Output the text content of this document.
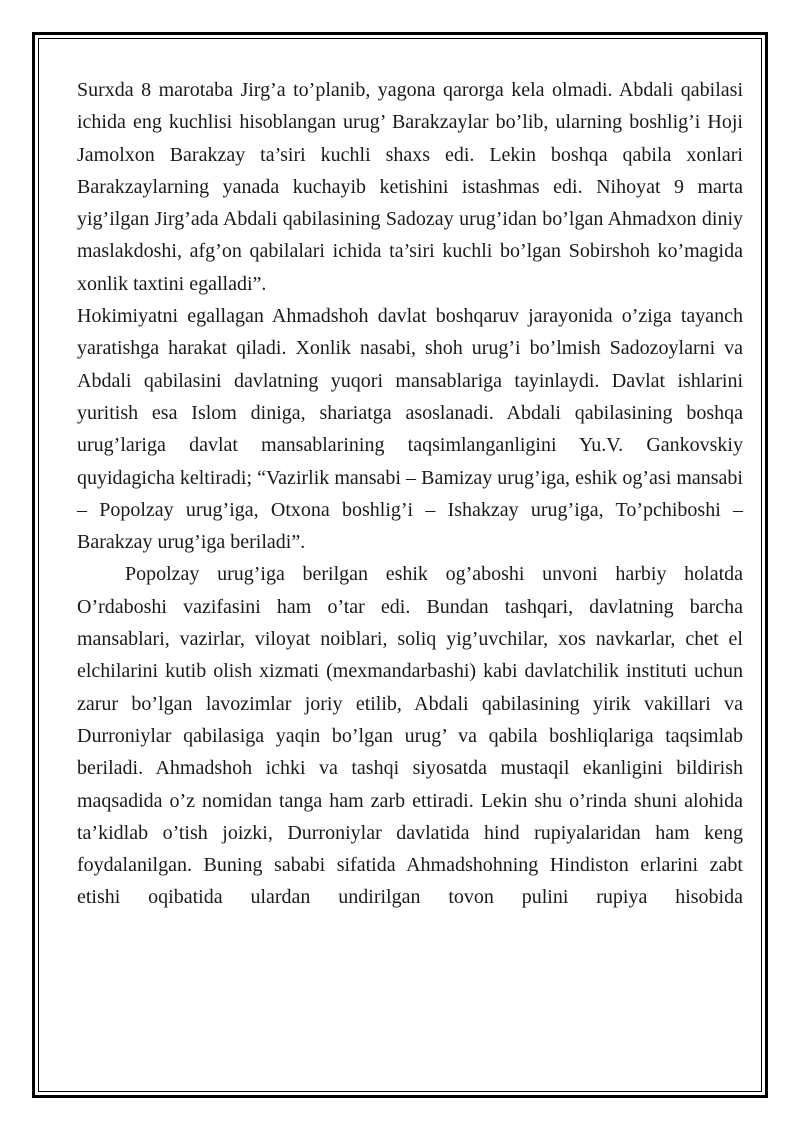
Surxda 8 marotaba Jirg’a to’planib, yagona qarorga kela olmadi. Abdali qabilasi ichida eng kuchlisi hisoblangan urug’ Barakzaylar bo’lib, ularning boshlig’i Hoji Jamolxon Barakzay ta’siri kuchli shaxs edi. Lekin boshqa qabila xonlari Barakzaylarning yanada kuchayib ketishini istashmas edi. Nihoyat 9 marta yig’ilgan Jirg’ada Abdali qabilasining Sadozay urug’idan bo’lgan Ahmadxon diniy maslakdoshi, afg’on qabilalari ichida ta’siri kuchli bo’lgan Sobirshoh ko’magida xonlik taxtini egalladi”.

Hokimiyatni egallagan Ahmadshoh davlat boshqaruv jarayonida o’ziga tayanch yaratishga harakat qiladi. Xonlik nasabi, shoh urug’i bo’lmish Sadozoylarni va Abdali qabilasini davlatning yuqori mansablariga tayinlaydi. Davlat ishlarini yuritish esa Islom diniga, shariatga asoslanadi. Abdali qabilasining boshqa urug’lariga davlat mansablarining taqsimlanganligini Yu.V. Gankovskiy quyidagicha keltiradi; “Vazirlik mansabi – Bamizay urug’iga, eshik og’asi mansabi – Popolzay urug’iga, Otxona boshlig’i – Ishakzay urug’iga, To’pchiboshi – Barakzay urug’iga beriladi”.

Popolzay urug’iga berilgan eshik og’aboshi unvoni harbiy holatda O’rdaboshi vazifasini ham o’tar edi. Bundan tashqari, davlatning barcha mansablari, vazirlar, viloyat noiblari, soliq yig’uvchilar, xos navkarlar, chet el elchilarini kutib olish xizmati (mexmandarbashi) kabi davlatchilik instituti uchun zarur bo’lgan lavozimlar joriy etilib, Abdali qabilasining yirik vakillari va Durroniylar qabilasiga yaqin bo’lgan urug’ va qabila boshliqlariga taqsimlab beriladi. Ahmadshoh ichki va tashqi siyosatda mustaqil ekanligini bildirish maqsadida o’z nomidan tanga ham zarb ettiradi. Lekin shu o’rinda shuni alohida ta’kidlab o’tish joizki, Durroniylar davlatida hind rupiyalaridan ham keng foydalanilgan. Buning sababi sifatida Ahmadshohning Hindiston erlarini zabt etishi oqibatida ulardan undirilgan tovon pulini rupiya hisobida
